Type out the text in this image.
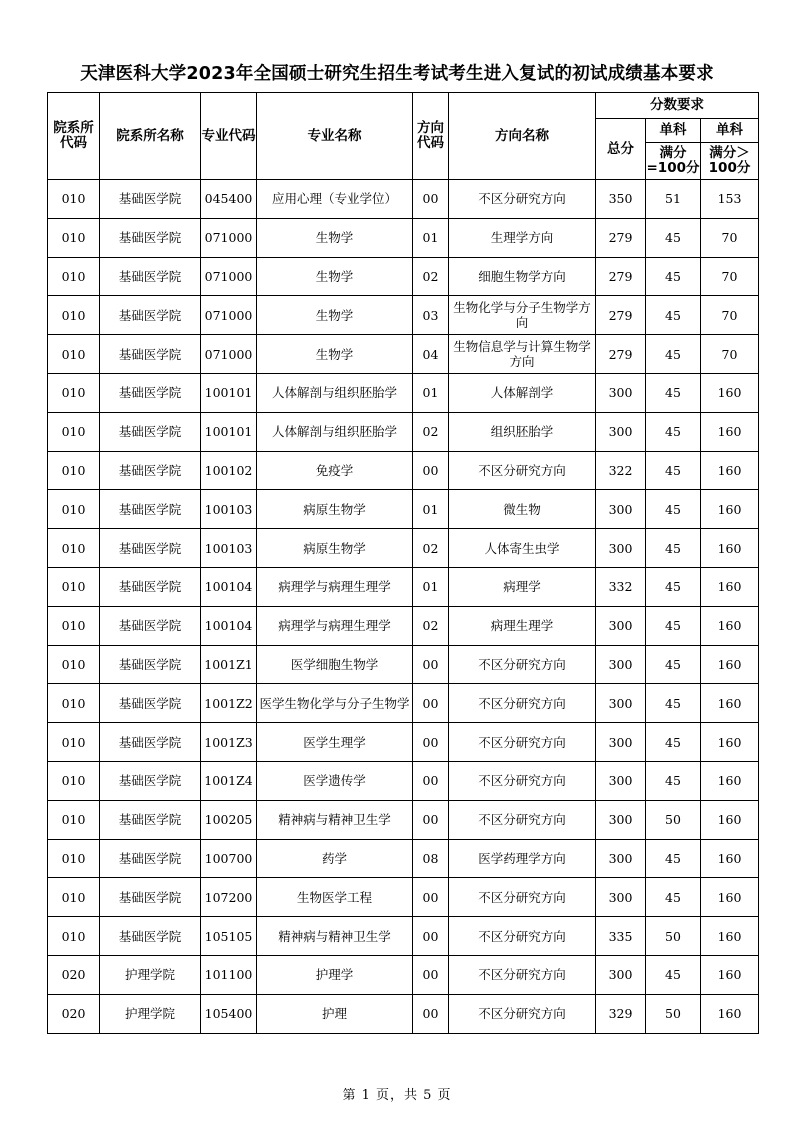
天津医科大学2023年全国硕士研究生招生考试考生进入复试的初试成绩基本要求
院系所代码	院系所名称	专业代码	专业名称	方向代码	方向名称	分数要求		
						总分	单科	单科
							满分=100分	满分＞100分
010	基础医学院	045400	应用心理（专业学位）	00	不区分研究方向	350	51	153
010	基础医学院	071000	生物学	01	生理学方向	279	45	70
010	基础医学院	071000	生物学	02	细胞生物学方向	279	45	70
010	基础医学院	071000	生物学	03	生物化学与分子生物学方向	279	45	70
010	基础医学院	071000	生物学	04	生物信息学与计算生物学方向	279	45	70
010	基础医学院	100101	人体解剖与组织胚胎学	01	人体解剖学	300	45	160
010	基础医学院	100101	人体解剖与组织胚胎学	02	组织胚胎学	300	45	160
010	基础医学院	100102	免疫学	00	不区分研究方向	322	45	160
010	基础医学院	100103	病原生物学	01	微生物	300	45	160
010	基础医学院	100103	病原生物学	02	人体寄生虫学	300	45	160
010	基础医学院	100104	病理学与病理生理学	01	病理学	332	45	160
010	基础医学院	100104	病理学与病理生理学	02	病理生理学	300	45	160
010	基础医学院	1001Z1	医学细胞生物学	00	不区分研究方向	300	45	160
010	基础医学院	1001Z2	医学生物化学与分子生物学	00	不区分研究方向	300	45	160
010	基础医学院	1001Z3	医学生理学	00	不区分研究方向	300	45	160
010	基础医学院	1001Z4	医学遗传学	00	不区分研究方向	300	45	160
010	基础医学院	100205	精神病与精神卫生学	00	不区分研究方向	300	50	160
010	基础医学院	100700	药学	08	医学药理学方向	300	45	160
010	基础医学院	107200	生物医学工程	00	不区分研究方向	300	45	160
010	基础医学院	105105	精神病与精神卫生学	00	不区分研究方向	335	50	160
020	护理学院	101100	护理学	00	不区分研究方向	300	45	160
020	护理学院	105400	护理	00	不区分研究方向	329	50	160
第 1 页，共 5 页
